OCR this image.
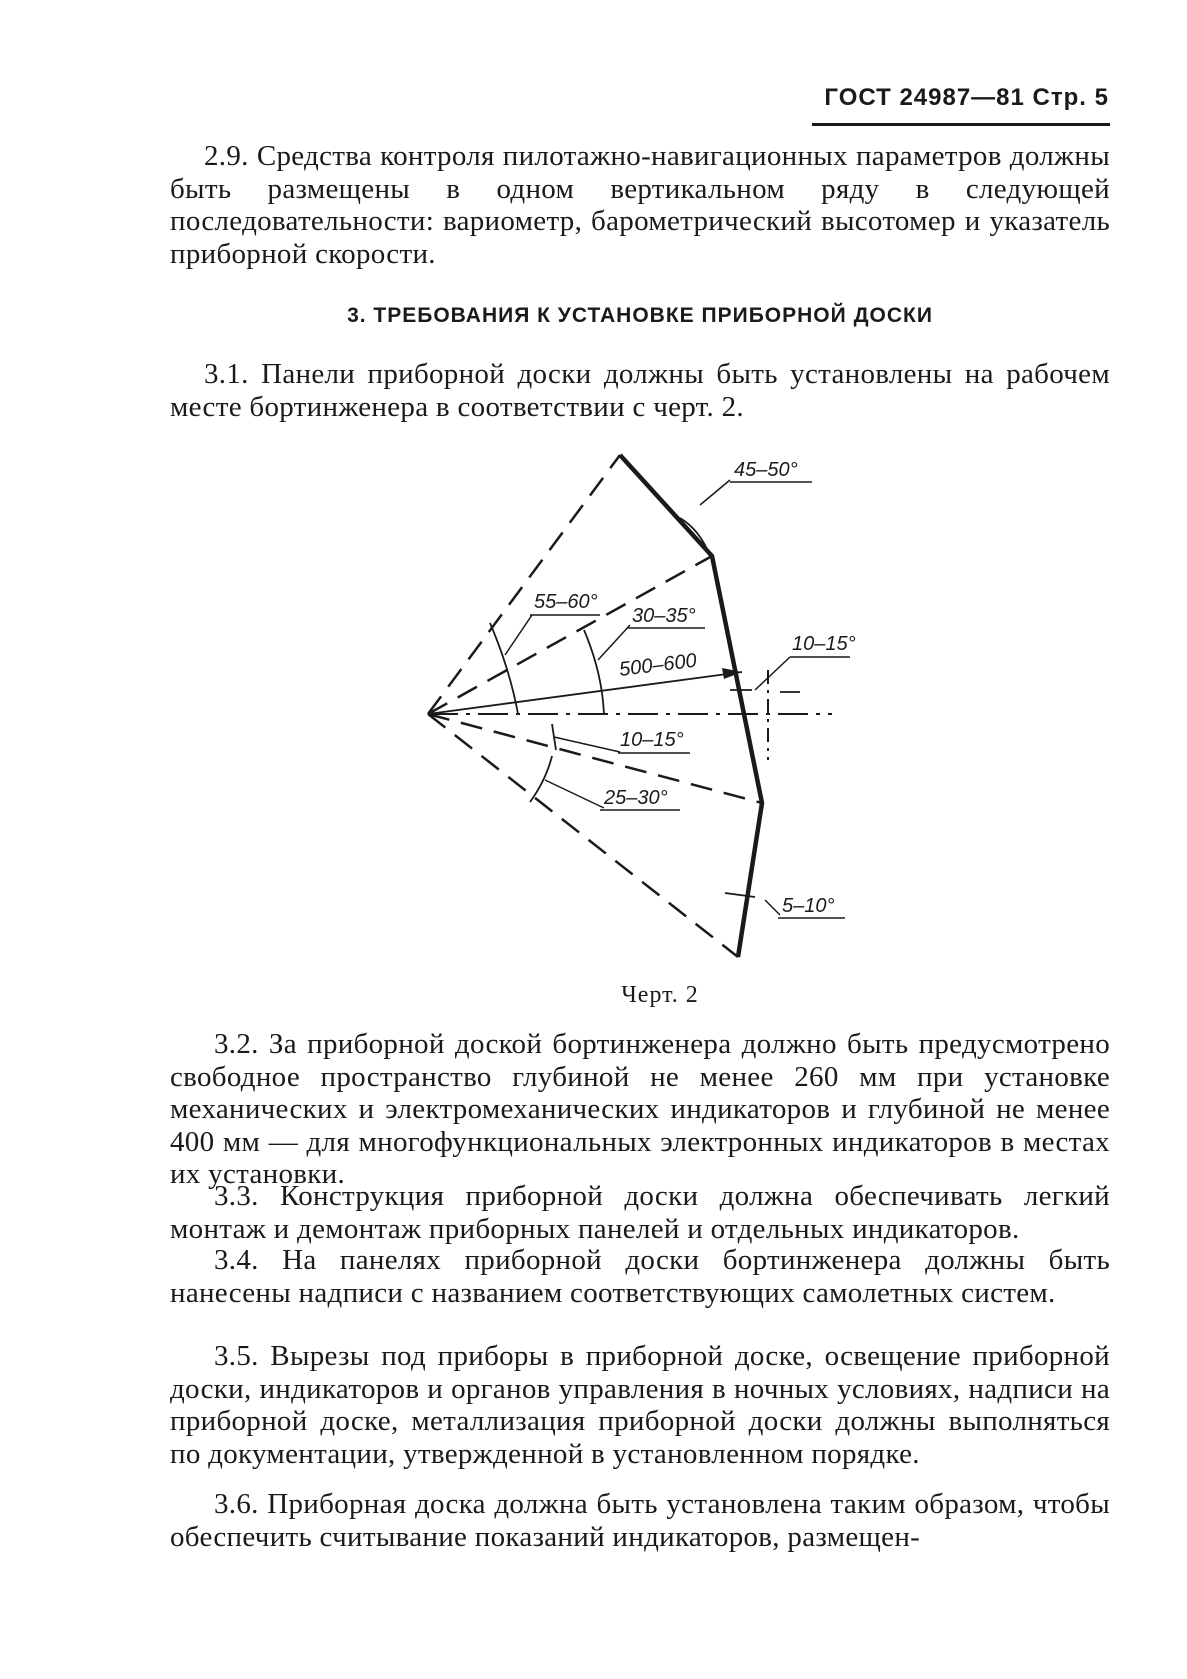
ГОСТ 24987—81 Стр. 5
2.9. Средства контроля пилотажно-навигационных параметров должны быть размещены в одном вертикальном ряду в следующей последовательности: вариометр, барометрический высотомер и указатель приборной скорости.
3. ТРЕБОВАНИЯ К УСТАНОВКЕ ПРИБОРНОЙ ДОСКИ
3.1. Панели приборной доски должны быть установлены на рабочем месте бортинженера в соответствии с черт. 2.
45–50°
55–60°
30–35°
500–600
10–15°
10–15°
25–30°
5–10°
Черт. 2
3.2. За приборной доской бортинженера должно быть предусмотрено свободное пространство глубиной не менее 260 мм при установке механических и электромеханических индикаторов и глубиной не менее 400 мм — для многофункциональных электронных индикаторов в местах их установки.
3.3. Конструкция приборной доски должна обеспечивать легкий монтаж и демонтаж приборных панелей и отдельных индикаторов.
3.4. На панелях приборной доски бортинженера должны быть нанесены надписи с названием соответствующих самолетных систем.
3.5. Вырезы под приборы в приборной доске, освещение приборной доски, индикаторов и органов управления в ночных условиях, надписи на приборной доске, металлизация приборной доски должны выполняться по документации, утвержденной в установленном порядке.
3.6. Приборная доска должна быть установлена таким образом, чтобы обеспечить считывание показаний индикаторов, размещен-
